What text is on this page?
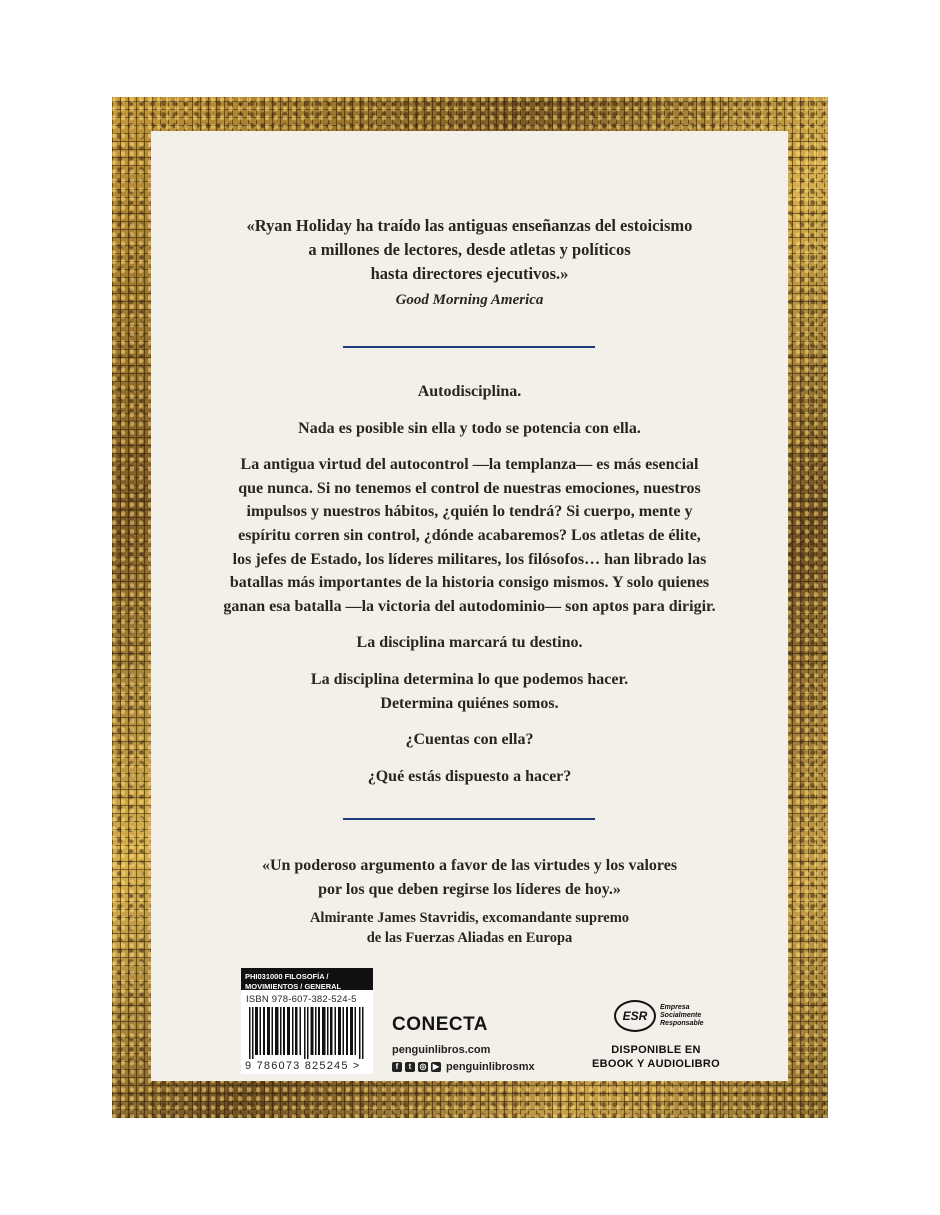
«Ryan Holiday ha traído las antiguas enseñanzas del estoicismo

a millones de lectores, desde atletas y políticos

hasta directores ejecutivos.»

Good Morning America

Autodisciplina.

Nada es posible sin ella y todo se potencia con ella.

La antigua virtud del autocontrol —la templanza— es más esencial

que nunca. Si no tenemos el control de nuestras emociones, nuestros

impulsos y nuestros hábitos, ¿quién lo tendrá? Si cuerpo, mente y

espíritu corren sin control, ¿dónde acabaremos? Los atletas de élite,

los jefes de Estado, los líderes militares, los filósofos… han librado las

batallas más importantes de la historia consigo mismos. Y solo quienes

ganan esa batalla —la victoria del autodominio— son aptos para dirigir.

La disciplina marcará tu destino.

La disciplina determina lo que podemos hacer.

Determina quiénes somos.

¿Cuentas con ella?

¿Qué estás dispuesto a hacer?

«Un poderoso argumento a favor de las virtudes y los valores

por los que deben regirse los líderes de hoy.»

Almirante James Stavridis, excomandante supremo

de las Fuerzas Aliadas en Europa

PHI031000 FILOSOFÍA /
MOVIMIENTOS / GENERAL
ISBN 978-607-382-524-5
9 786073 825245 >
CONECTA
penguinlibros.com
f	t	◎ ▶ penguinlibrosmx
ESR
Empresa
Socialmente
Responsable
DISPONIBLE EN
EBOOK Y AUDIOLIBRO
